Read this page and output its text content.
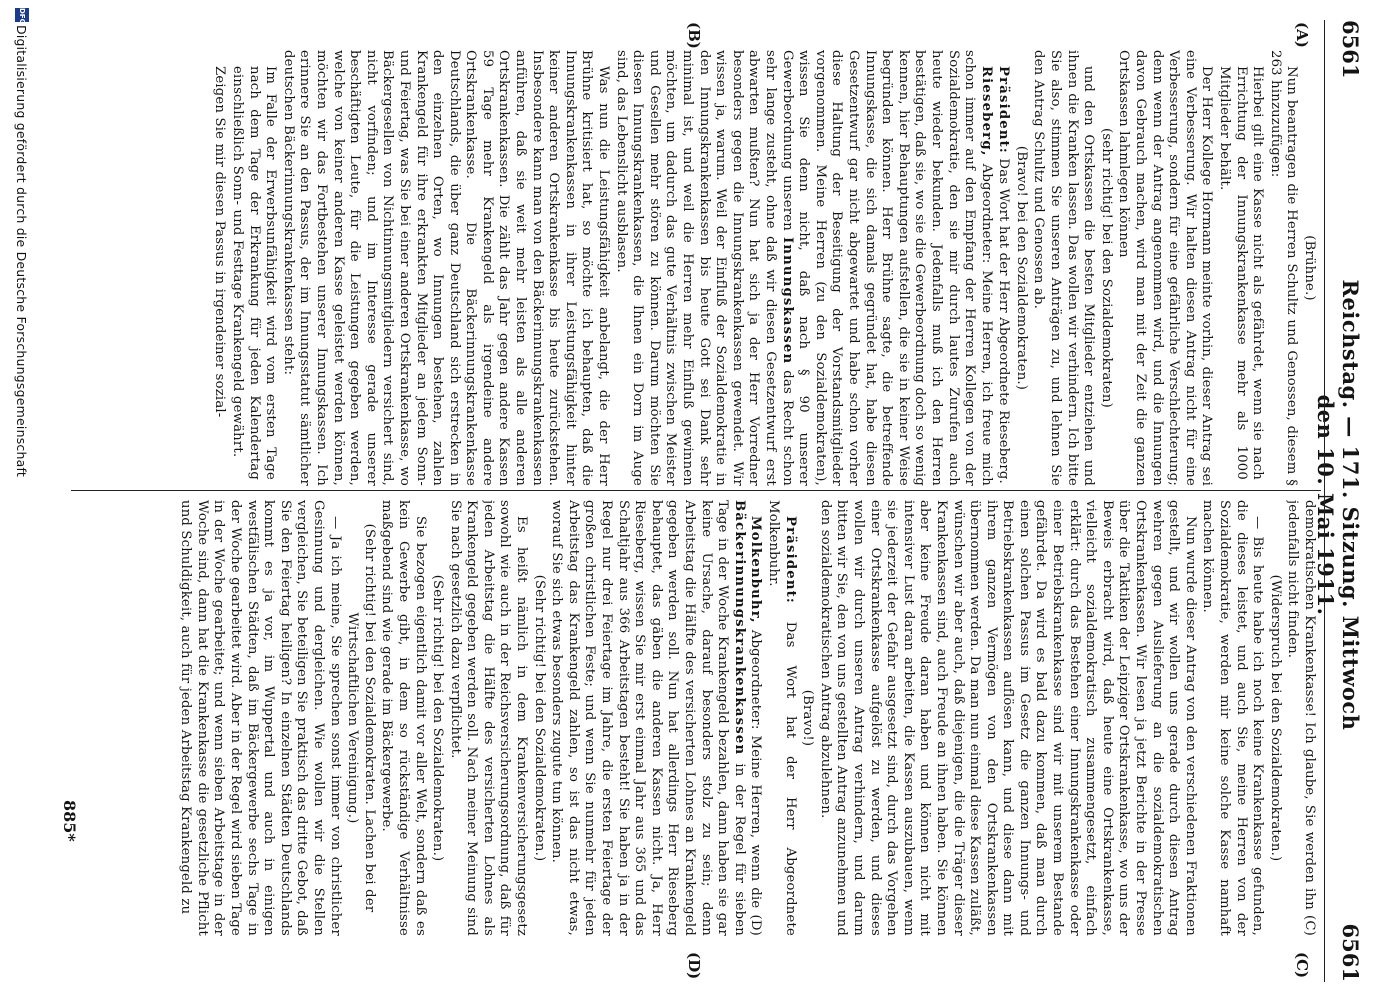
6561
Reichstag. — 171. Sitzung. Mittwoch den 10. Mai 1911.
6561
(A)
(B)
(C)
(D)

(Brühne.)

Nun beantragen die Herren Schultz und Genossen, diesem § 263 hinzuzufügen:

Hierbei gilt eine Kasse nicht als gefährdet, wenn sie nach Errichtung der Innungskrankenkasse mehr als 1000 Mitglieder behält.

Der Herr Kollege Hormann meinte vorhin, dieser Antrag sei eine Verbesserung. Wir halten diesen Antrag nicht für eine Verbesserung, sondern für eine gefährliche Verschlechterung; denn wenn der Antrag angenommen wird, und die Innungen davon Gebrauch machen, wird man mit der Zeit die ganzen Ortskassen lahmlegen können

(sehr richtig! bei den Sozialdemokraten)

und den Ortskassen die besten Mitglieder entziehen und ihnen die Kranken lassen. Das wollen wir verhindern. Ich bitte Sie also, stimmen Sie unseren Anträgen zu, und lehnen Sie den Antrag Schultz und Genossen ab.

(Bravo! bei den Sozialdemokraten.)

Präsident: Das Wort hat der Herr Abgeordnete Rieseberg.

Rieseberg, Abgeordneter: Meine Herren, ich freue mich schon immer auf den Empfang der Herren Kollegen von der Sozialdemokratie, den sie mir durch lautes Zurufen auch heute wieder bekunden. Jedenfalls muß ich den Herren bestätigen, daß sie, wo sie die Gewerbeordnung doch so wenig kennen, hier Behauptungen aufstellen, die sie in keiner Weise begründen können. Herr Brühne sagte, die betreffende Innungskasse, die sich damals gegründet hat, habe diesen Gesetzentwurf gar nicht abgewartet und habe schon vorher diese Haltung der Beseitigung der Vorstandsmitglieder vorgenommen. Meine Herren (zu den Sozialdemokraten), wissen Sie denn nicht, daß nach § 90 unserer Gewerbeordnung unseren Innungskassen das Recht schon sehr lange zusteht, ohne daß wir diesen Gesetzentwurf erst abwarten mußten? Nun hat sich ja der Herr Vorredner besonders gegen die Innungskrankenkassen gewendet. Wir wissen ja, warum. Weil der Einfluß der Sozialdemokratie in den Innungskrankenkassen bis heute Gott sei Dank sehr minimal ist, und weil die Herren mehr Einfluß gewinnen möchten, um dadurch das gute Verhältnis zwischen Meister und Gesellen mehr stören zu können. Darum möchten Sie diesen Innungskrankenkassen, die Ihnen ein Dorn im Auge sind, das Lebenslicht ausblasen.

Was nun die Leistungsfähigkeit anbelangt, die der Herr Brühne kritisiert hat, so möchte ich behaupten, daß die Innungskrankenkassen in ihrer Leistungsfähigkeit hinter keiner anderen Ortskrankenkasse bis heute zurückstehen. Insbesondere kann man von den Bäckerinnungskrankenkassen anführen, daß sie weit mehr leisten als alle anderen Ortskrankenkassen. Die zählt das Jahr gegen andere Kassen 59 Tage mehr Krankengeld als irgendeine andere Ortskrankenkasse. Die Bäckerinnungskrankenkasse Deutschlands, die über ganz Deutschland sich erstrecken in den einzelnen Orten, wo Innungen bestehen, zahlen Krankengeld für ihre erkrankten Mitglieder an jedem Sonn- und Feiertag, was Sie bei einer anderen Ortskrankenkasse, wo Bäckergesellen von Nichtinnungsmitgliedern versichert sind, nicht vorfinden; und im Interesse gerade unserer beschäftigten Leute, für die Leistungen gegeben werden, welche von keiner anderen Kasse geleistet werden können, möchten wir das Fortbestehen unserer Innungskassen. Ich erinnere Sie an den Passus, der im Innungsstatut sämtlicher deutschen Bäckerinnungskrankenkassen steht:

Im Falle der Erwerbsunfähigkeit wird vom ersten Tage nach dem Tage der Erkrankung für jeden Kalendertag einschließlich Sonn- und Festtage Krankengeld gewährt.

Zeigen Sie mir diesen Passus in irgendeiner sozial-

demokratischen Krankenkasse! Ich glaube, Sie werden ihn (C) jedenfalls nicht finden.

(Widerspruch bei den Sozialdemokraten.)

— Bis heute habe ich noch keine Krankenkasse gefunden, die dieses leistet, und auch Sie, meine Herren von der Sozialdemokratie, werden mir keine solche Kasse namhaft machen können.

Nun wurde dieser Antrag von den verschiedenen Fraktionen gestellt, und wir wollen uns gerade durch diesen Antrag wehren gegen Auslieferung an die sozialdemokratischen Ortskrankenkassen. Wir lesen ja jetzt Berichte in der Presse über die Taktiken der Leipziger Ortskrankenkasse, wo uns der Beweis erbracht wird, daß heute eine Ortskrankenkasse, vielleicht sozialdemokratisch zusammengesetzt, einfach erklärt: durch das Bestehen einer Innungskrankenkasse oder einer Betriebskrankenkasse sind wir mit unserem Bestande gefährdet. Da wird es bald dazu kommen, daß man durch einen solchen Passus im Gesetz die ganzen Innungs- und Betriebskrankenkassen auflösen kann, und diese dann mit ihrem ganzen Vermögen von den Ortskrankenkassen übernommen werden. Da man nun einmal diese Kassen zuläßt, wünschen wir aber auch, daß diejenigen, die die Träger dieser Krankenkassen sind, auch Freude an ihnen haben. Sie können aber keine Freude daran haben und können nicht mit intensiver Lust daran arbeiten, die Kassen auszubauen, wenn sie jederzeit der Gefahr ausgesetzt sind, durch das Vorgehen einer Ortskrankenkasse aufgelöst zu werden, und dieses wollen wir durch unseren Antrag verhindern, und darum bitten wir Sie, den von uns gestellten Antrag anzunehmen und den sozialdemokratischen Antrag abzulehnen.

(Bravo!)

Präsident: Das Wort hat der Herr Abgeordnete Molkenbuhr.

Molkenbuhr, Abgeordneter: Meine Herren, wenn die (D) Bäckerinnungskrankenkassen in der Regel für sieben Tage in der Woche Krankengeld bezahlen, dann haben sie gar keine Ursache, darauf besonders stolz zu sein; denn Arbeitstag die Hälfte des versicherten Lohnes an Krankengeld gegeben werden soll. Nun hat allerdings Herr Rieseberg behauptet, das gäben die anderen Kassen nicht. Ja, Herr Rieseberg, wissen Sie mir erst einmal Jahr aus 365 und das Schaltjahr aus 366 Arbeitstagen besteht! Sie haben ja in der Regel nur drei Feiertage im Jahre, die ersten Feiertage der großen christlichen Feste; und wenn Sie nunmehr für jeden Arbeitstag das Krankengeld zahlen, so ist das nicht etwas, worauf Sie sich etwas besonders zugute tun können.

(Sehr richtig! bei den Sozialdemokraten.)

Es heißt nämlich in dem Krankenversicherungsgesetz sowohl wie auch in der Reichsversicherungsordnung, daß für jeden Arbeitstag die Hälfte des versicherten Lohnes als Krankengeld gegeben werden soll. Nach meiner Meinung sind Sie nach gesetzlich dazu verpflichtet.

(Sehr richtig! bei den Sozialdemokraten.)

Sie bezogen eigentlich damit vor aller Welt, sondern daß es kein Gewerbe gibt, in dem so rückständige Verhältnisse maßgebend sind wie gerade im Bäckergewerbe.

(Sehr richtig! bei den Sozialdemokraten. Lachen bei der Wirtschaftlichen Vereinigung.)

— Ja ich meine, Sie sprechen sonst immer von christlicher Gesinnung und dergleichen. Wie wollen wir die Stellen vergleichen, Sie beteiligen Sie praktisch das dritte Gebot, daß Sie den Feiertag heiligen? In einzelnen Städten Deutschlands kommt es ja vor, im Wuppertal und auch in einigen westfälischen Städten, daß im Bäckergewerbe sechs Tage in der Woche gearbeitet wird. Aber in der Regel wird sieben Tage in der Woche gearbeitet; und wenn sieben Arbeitstage in der Woche sind, dann hat die Krankenkasse die gesetzliche Pflicht und Schuldigkeit, auch für jeden Arbeitstag Krankengeld zu

885*
DFG
Digitalisierung gefördert durch die Deutsche Forschungsgemeinschaft
